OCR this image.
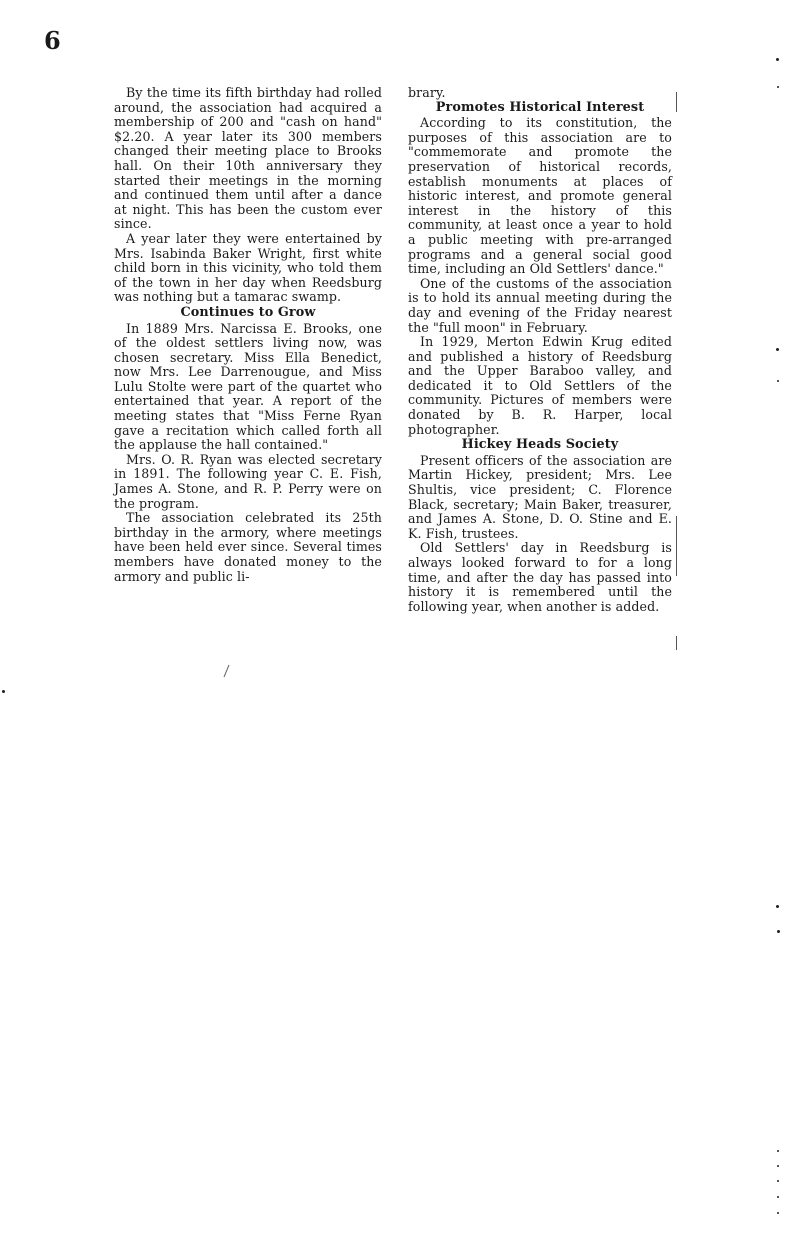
6

By the time its fifth birthday had rolled around, the association had acquired a membership of 200 and "cash on hand" $2.20. A year later its 300 members changed their meeting place to Brooks hall. On their 10th anniversary they started their meetings in the morning and continued them until after a dance at night. This has been the custom ever since.

A year later they were entertained by Mrs. Isabinda Baker Wright, first white child born in this vicinity, who told them of the town in her day when Reedsburg was nothing but a tamarac swamp.

Continues to Grow

In 1889 Mrs. Narcissa E. Brooks, one of the oldest settlers living now, was chosen secretary. Miss Ella Benedict, now Mrs. Lee Darrenougue, and Miss Lulu Stolte were part of the quartet who entertained that year. A report of the meeting states that "Miss Ferne Ryan gave a recitation which called forth all the applause the hall contained."

Mrs. O. R. Ryan was elected secretary in 1891. The following year C. E. Fish, James A. Stone, and R. P. Perry were on the program.

The association celebrated its 25th birthday in the armory, where meetings have been held ever since. Several times members have donated money to the armory and public li-

brary.

Promotes Historical Interest

According to its constitution, the purposes of this association are to "commemorate and promote the preservation of historical records, establish monuments at places of historic interest, and promote general interest in the history of this community, at least once a year to hold a public meeting with pre-arranged programs and a general social good time, including an Old Settlers' dance."

One of the customs of the association is to hold its annual meeting during the day and evening of the Friday nearest the "full moon" in February.

In 1929, Merton Edwin Krug edited and published a history of Reedsburg and the Upper Baraboo valley, and dedicated it to Old Settlers of the community. Pictures of members were donated by B. R. Harper, local photographer.

Hickey Heads Society

Present officers of the association are Martin Hickey, president; Mrs. Lee Shultis, vice president; C. Florence Black, secretary; Main Baker, treasurer, and James A. Stone, D. O. Stine and E. K. Fish, trustees.

Old Settlers' day in Reedsburg is always looked forward to for a long time, and after the day has passed into history it is remembered until the following year, when another is added.
